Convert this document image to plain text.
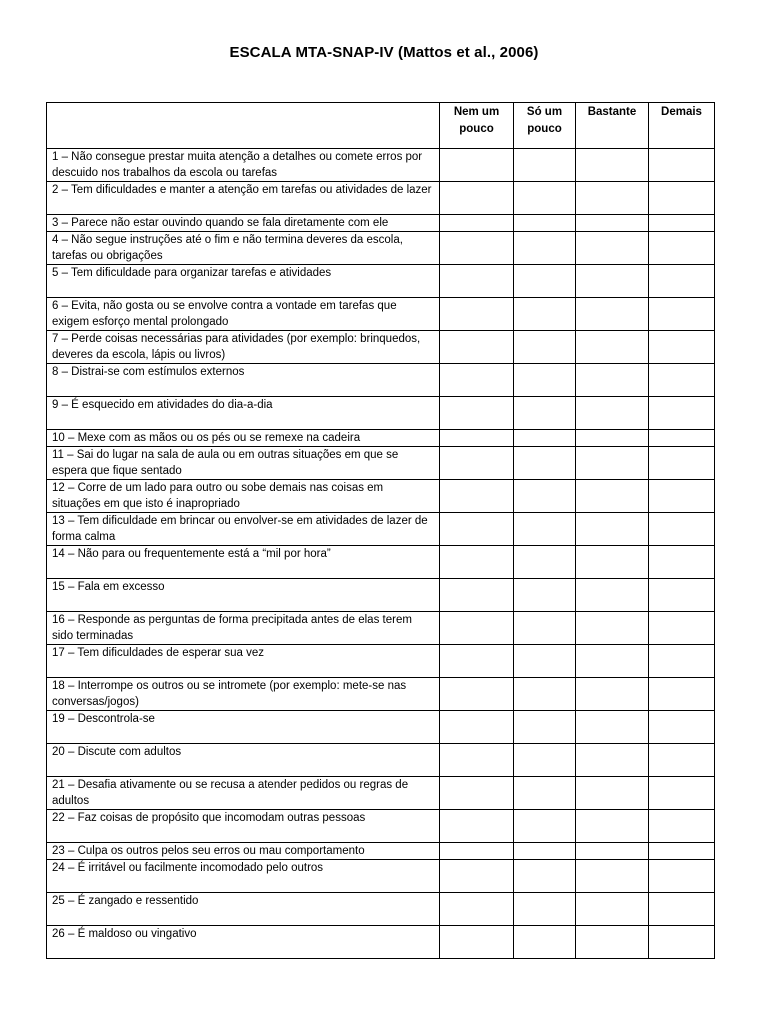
ESCALA MTA-SNAP-IV (Mattos et al., 2006)
	Nem um pouco	Só um pouco	Bastante	Demais
1 – Não consegue prestar muita atenção a detalhes ou comete erros por descuido nos trabalhos da escola ou tarefas				
2 – Tem dificuldades e manter a atenção em tarefas ou atividades de lazer				
3 – Parece não estar ouvindo quando se fala diretamente com ele				
4 – Não segue instruções até o fim e não termina deveres da escola, tarefas ou obrigações				
5 – Tem dificuldade para organizar tarefas e atividades				
6 – Evita, não gosta ou se envolve contra a vontade em tarefas que exigem esforço mental prolongado				
7 – Perde coisas necessárias para atividades (por exemplo: brinquedos, deveres da escola, lápis ou livros)				
8 – Distrai-se com estímulos externos				
9 – É esquecido em atividades do dia-a-dia				
10 – Mexe com as mãos ou os pés ou se remexe na cadeira				
11 – Sai do lugar na sala de aula ou em outras situações em que se espera que fique sentado				
12 – Corre de um lado para outro ou sobe demais nas coisas em situações em que isto é inapropriado				
13 – Tem dificuldade em brincar ou envolver-se em atividades de lazer de forma calma				
14 – Não para ou frequentemente está a “mil por hora”				
15 – Fala em excesso				
16 – Responde as perguntas de forma precipitada antes de elas terem sido terminadas				
17 – Tem dificuldades de esperar sua vez				
18 – Interrompe os outros ou se intromete (por exemplo: mete-se nas conversas/jogos)				
19 – Descontrola-se				
20 – Discute com adultos				
21 – Desafia ativamente ou se recusa a atender pedidos ou regras de adultos				
22 – Faz coisas de propósito que incomodam outras pessoas				
23 – Culpa os outros pelos seu erros ou mau comportamento				
24 – É irritável ou facilmente incomodado pelo outros				
25 – É zangado e ressentido				
26 – É maldoso ou vingativo				
